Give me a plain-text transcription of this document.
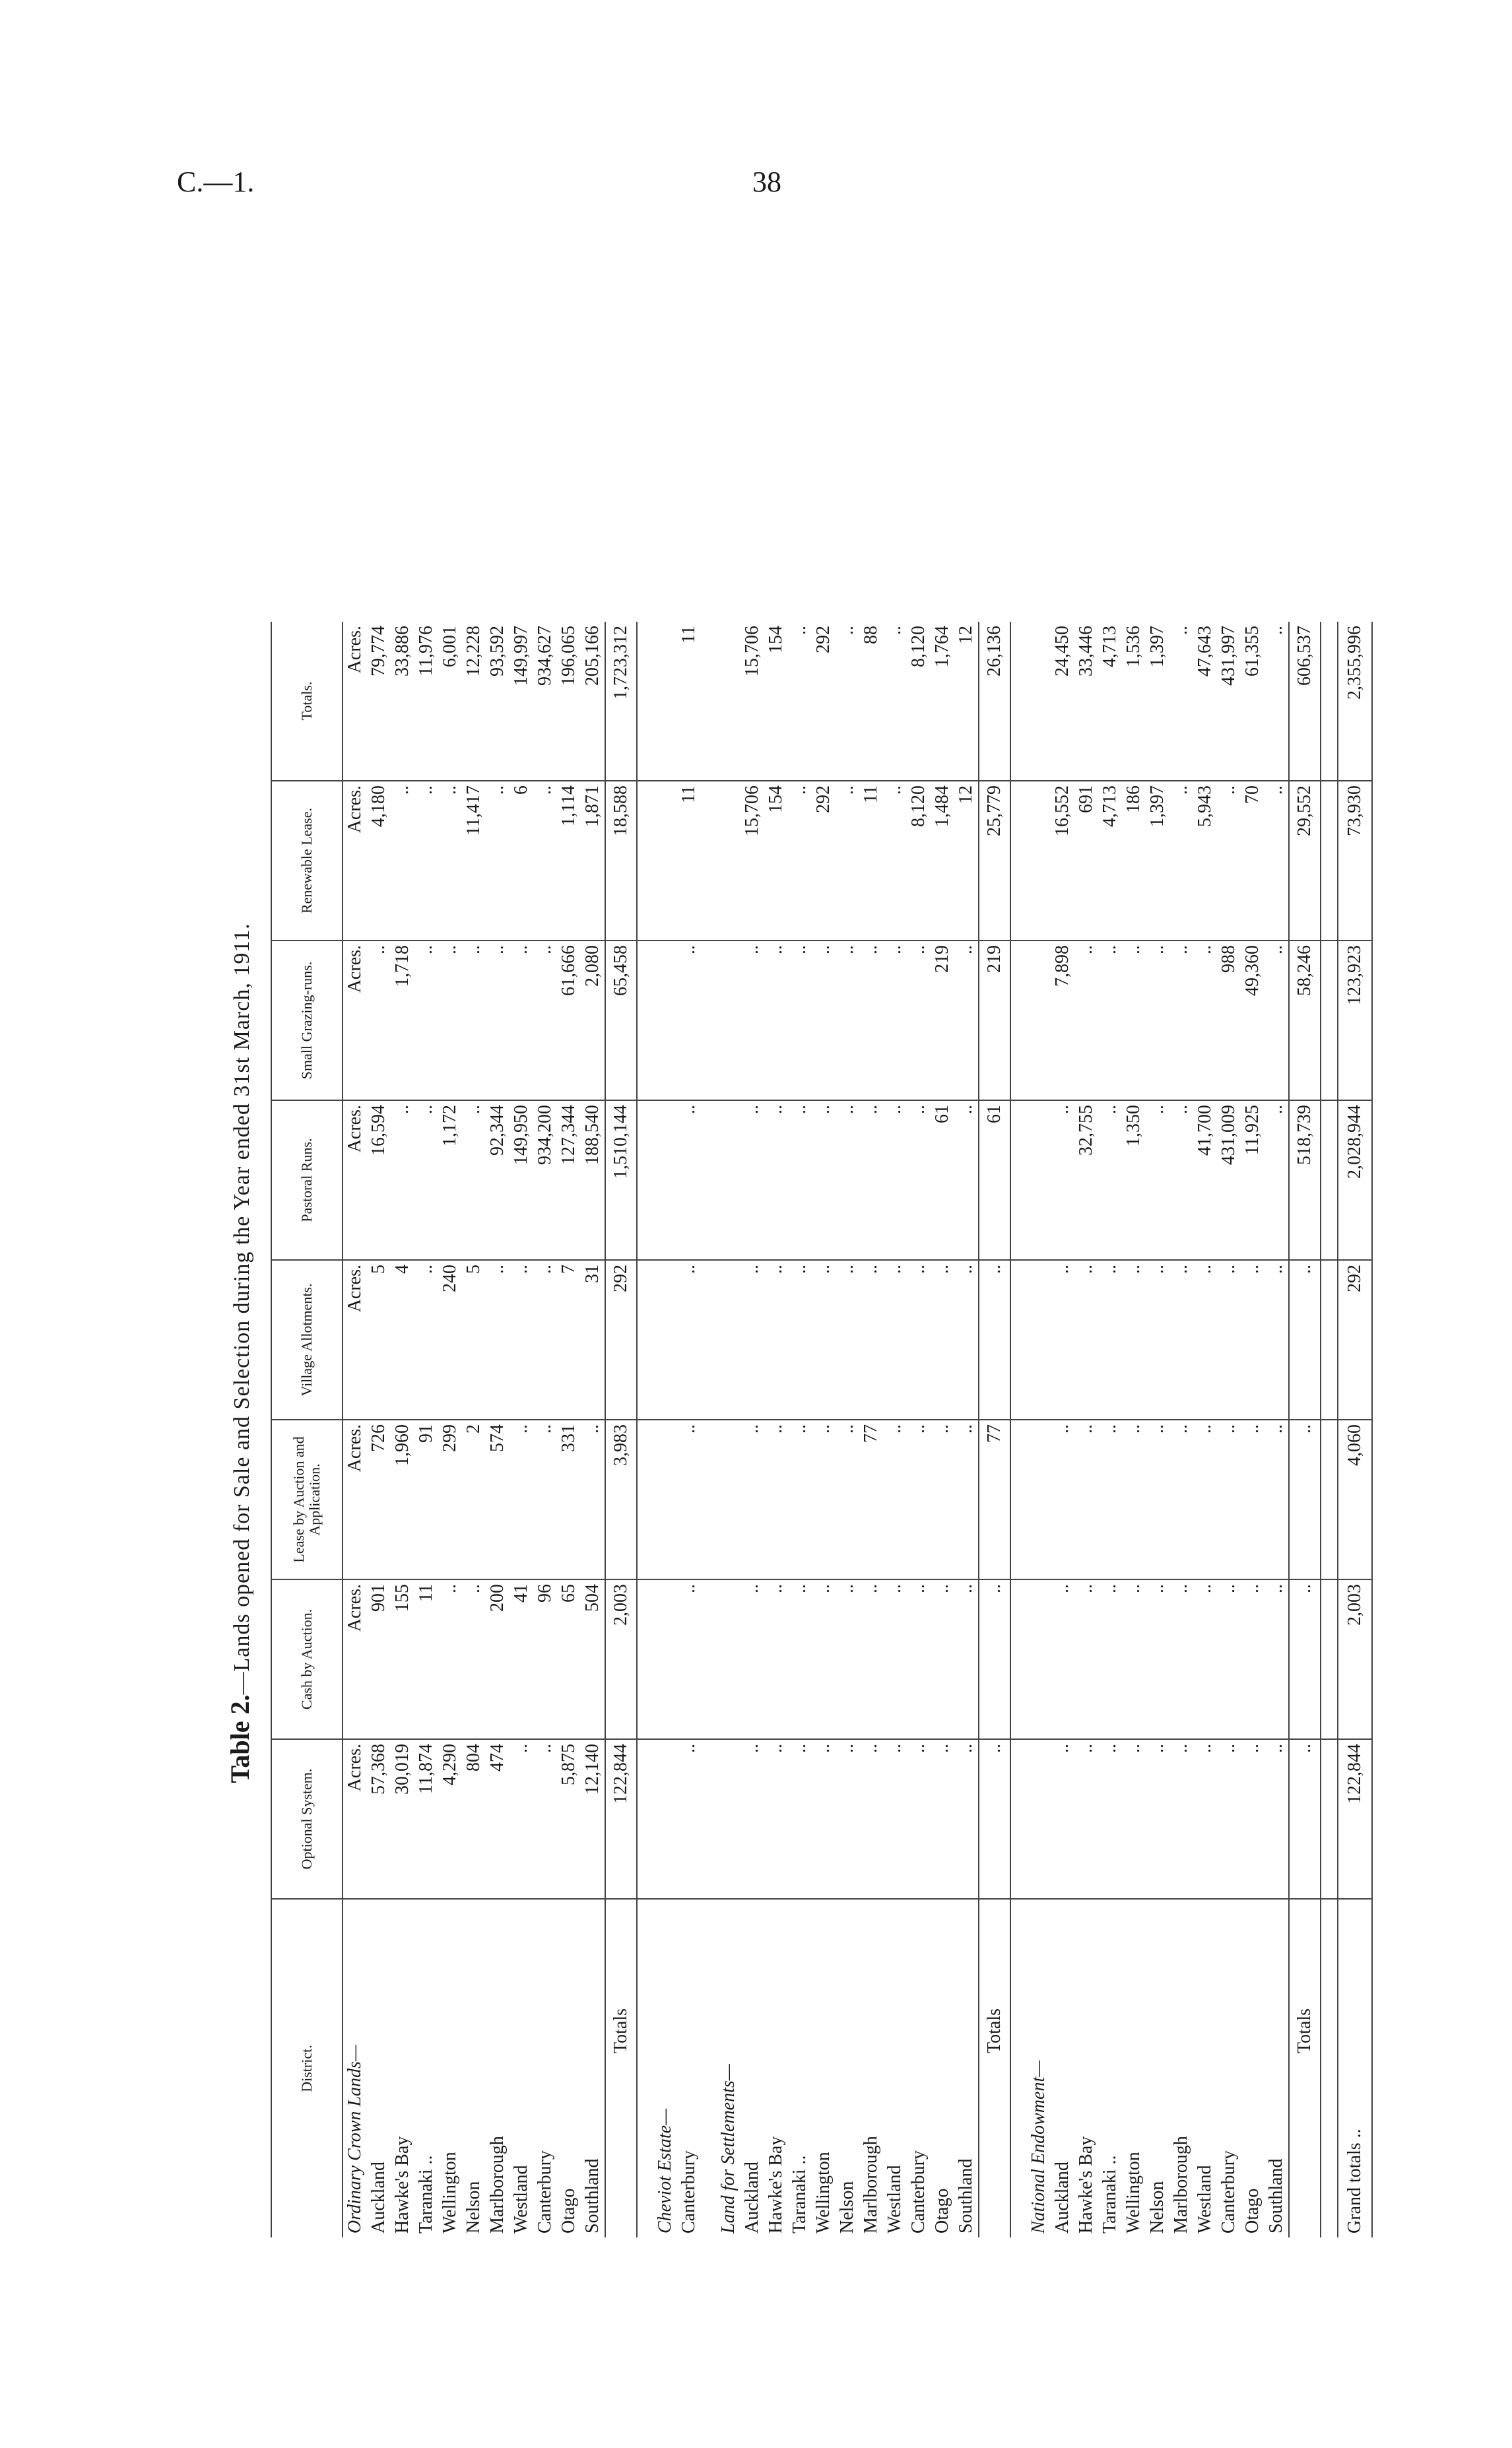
C.—1.	38
Table 2.—Lands opened for Sale and Selection during the Year ended 31st March, 1911.
District.	Optional System.	Cash by Auction.	Lease by Auction and Application.	Village Allotments.	Pastoral Runs.	Small Grazing-runs.	Renewable Lease.	Totals.
Ordinary Crown Lands—	Acres.	Acres.	Acres.	Acres.	Acres.	Acres.	Acres.	Acres.
Auckland	57,368	901	726	5	16,594	..	4,180	79,774
Hawke's Bay	30,019	155	1,960	4	..	1,718	..	33,886
Taranaki ..	11,874	11	91	..	..	..	..	11,976
Wellington	4,290	..	299	240	1,172	..	..	6,001
Nelson	804	..	2	5	..	..	11,417	12,228
Marlborough	474	200	574	..	92,344	..	..	93,592
Westland	..	41	..	..	149,950	..	6	149,997
Canterbury	..	96	..	..	934,200	..	..	934,627
Otago	5,875	65	331	7	127,344	61,666	1,114	196,065
Southland	12,140	504	..	31	188,540	2,080	1,871	205,166
Totals	122,844	2,003	3,983	292	1,510,144	65,458	18,588	1,723,312

Cheviot Estate—								
Canterbury	..	..	..	..	..	..	11	11

Land for Settlements—								
Auckland	..	..	..	..	..	..	15,706	15,706
Hawke's Bay	..	..	..	..	..	..	154	154
Taranaki ..	..	..	..	..	..	..	..	..
Wellington	..	..	..	..	..	..	292	292
Nelson	..	..	..	..	..	..	..	..
Marlborough	..	..	77	..	..	..	11	88
Westland	..	..	..	..	..	..	..	..
Canterbury	..	..	..	..	..	..	8,120	8,120
Otago	..	..	..	..	61	219	1,484	1,764
Southland	..	..	..	..	..	..	12	12
Totals	..	..	77	..	61	219	25,779	26,136

National Endowment—								
Auckland	..	..	..	..	..	7,898	16,552	24,450
Hawke's Bay	..	..	..	..	32,755	..	691	33,446
Taranaki ..	..	..	..	..	..	..	4,713	4,713
Wellington	..	..	..	..	1,350	..	186	1,536
Nelson	..	..	..	..	..	..	1,397	1,397
Marlborough	..	..	..	..	..	..	..	..
Westland	..	..	..	..	41,700	..	5,943	47,643
Canterbury	..	..	..	..	431,009	988	..	431,997
Otago	..	..	..	..	11,925	49,360	70	61,355
Southland	..	..	..	..	..	..	..	..
Totals	..	..	..	..	518,739	58,246	29,552	606,537

Grand totals ..	122,844	2,003	4,060	292	2,028,944	123,923	73,930	2,355,996
